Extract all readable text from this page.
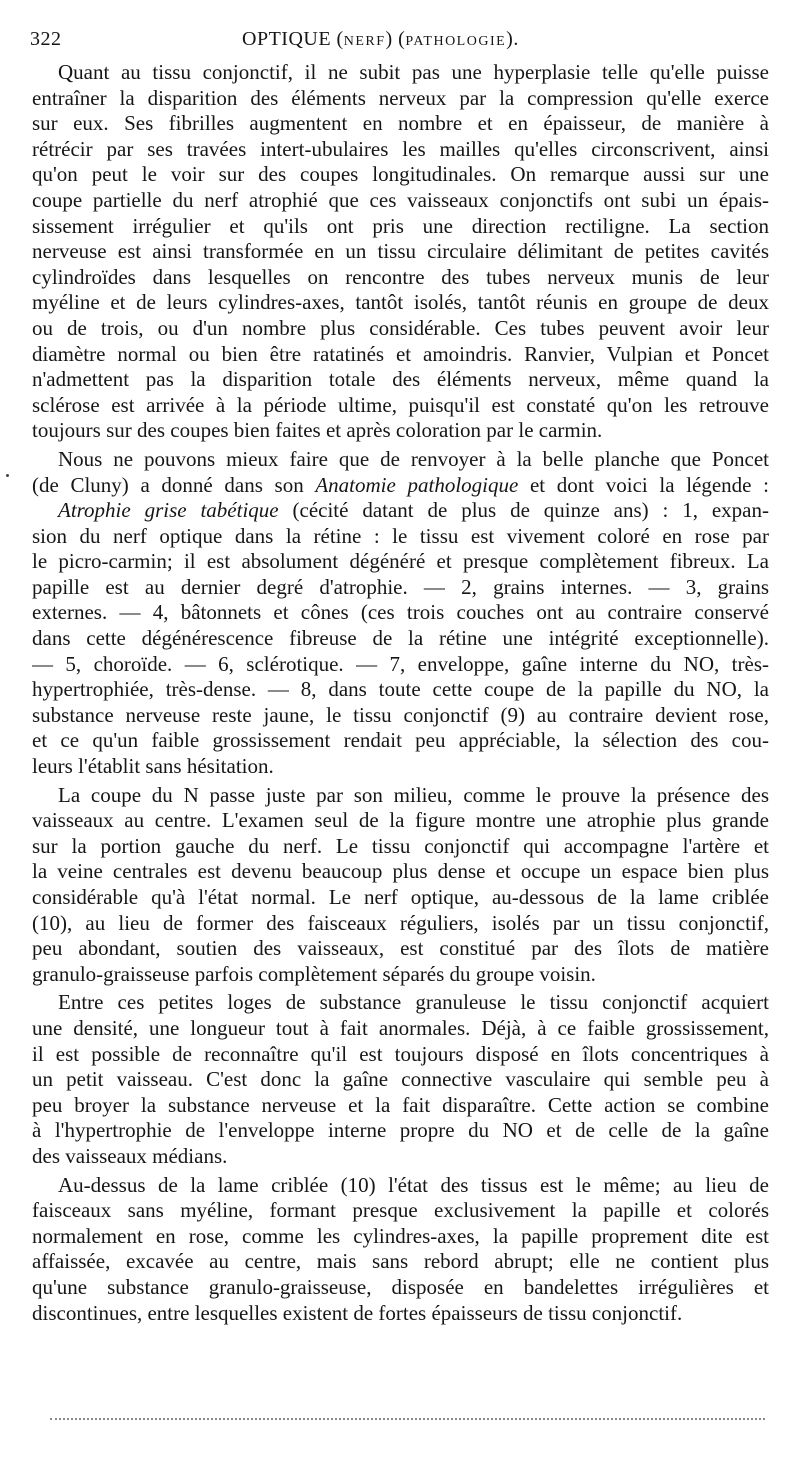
322	OPTIQUE (NERF) (PATHOLOGIE).
Quant au tissu conjonctif, il ne subit pas une hyperplasie telle qu'elle puisse
entraîner la disparition des éléments nerveux par la compression qu'elle exerce
sur eux. Ses fibrilles augmentent en nombre et en épaisseur, de manière à
rétrécir par ses travées intert-ubulaires les mailles qu'elles circonscrivent, ainsi
qu'on peut le voir sur des coupes longitudinales. On remarque aussi sur une
coupe partielle du nerf atrophié que ces vaisseaux conjonctifs ont subi un épais-
sissement irrégulier et qu'ils ont pris une direction rectiligne. La section
nerveuse est ainsi transformée en un tissu circulaire délimitant de petites cavités
cylindroïdes dans lesquelles on rencontre des tubes nerveux munis de leur
myéline et de leurs cylindres-axes, tantôt isolés, tantôt réunis en groupe de deux
ou de trois, ou d'un nombre plus considérable. Ces tubes peuvent avoir leur
diamètre normal ou bien être ratatinés et amoindris. Ranvier, Vulpian et Poncet
n'admettent pas la disparition totale des éléments nerveux, même quand la
sclérose est arrivée à la période ultime, puisqu'il est constaté qu'on les retrouve
toujours sur des coupes bien faites et après coloration par le carmin.
Nous ne pouvons mieux faire que de renvoyer à la belle planche que Poncet
(de Cluny) a donné dans son Anatomie pathologique et dont voici la légende :
Atrophie grise tabétique (cécité datant de plus de quinze ans) : 1, expan-
sion du nerf optique dans la rétine : le tissu est vivement coloré en rose par
le picro-carmin; il est absolument dégénéré et presque complètement fibreux. La
papille est au dernier degré d'atrophie. — 2, grains internes. — 3, grains
externes. — 4, bâtonnets et cônes (ces trois couches ont au contraire conservé
dans cette dégénérescence fibreuse de la rétine une intégrité exceptionnelle).
— 5, choroïde. — 6, sclérotique. — 7, enveloppe, gaîne interne du NO, très-
hypertrophiée, très-dense. — 8, dans toute cette coupe de la papille du NO, la
substance nerveuse reste jaune, le tissu conjonctif (9) au contraire devient rose,
et ce qu'un faible grossissement rendait peu appréciable, la sélection des cou-
leurs l'établit sans hésitation.
La coupe du N passe juste par son milieu, comme le prouve la présence des
vaisseaux au centre. L'examen seul de la figure montre une atrophie plus grande
sur la portion gauche du nerf. Le tissu conjonctif qui accompagne l'artère et
la veine centrales est devenu beaucoup plus dense et occupe un espace bien plus
considérable qu'à l'état normal. Le nerf optique, au-dessous de la lame criblée
(10), au lieu de former des faisceaux réguliers, isolés par un tissu conjonctif,
peu abondant, soutien des vaisseaux, est constitué par des îlots de matière
granulo-graisseuse parfois complètement séparés du groupe voisin.
Entre ces petites loges de substance granuleuse le tissu conjonctif acquiert
une densité, une longueur tout à fait anormales. Déjà, à ce faible grossissement,
il est possible de reconnaître qu'il est toujours disposé en îlots concentriques à
un petit vaisseau. C'est donc la gaîne connective vasculaire qui semble peu à
peu broyer la substance nerveuse et la fait disparaître. Cette action se combine
à l'hypertrophie de l'enveloppe interne propre du NO et de celle de la gaîne
des vaisseaux médians.
Au-dessus de la lame criblée (10) l'état des tissus est le même; au lieu de
faisceaux sans myéline, formant presque exclusivement la papille et colorés
normalement en rose, comme les cylindres-axes, la papille proprement dite est
affaissée, excavée au centre, mais sans rebord abrupt; elle ne contient plus
qu'une substance granulo-graisseuse, disposée en bandelettes irrégulières et
discontinues, entre lesquelles existent de fortes épaisseurs de tissu conjonctif.
